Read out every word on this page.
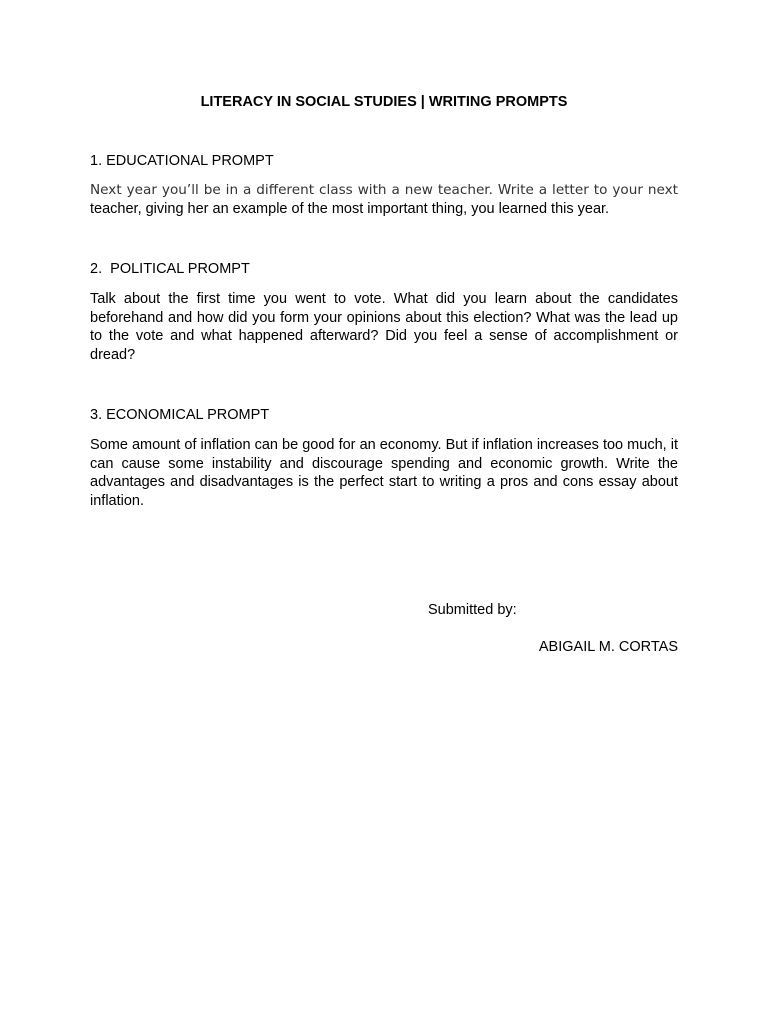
LITERACY IN SOCIAL STUDIES | WRITING PROMPTS
1. EDUCATIONAL PROMPT
Next year you’ll be in a different class with a new teacher. Write a letter to your next teacher, giving her an example of the most important thing, you learned this year.
2.  POLITICAL PROMPT
Talk about the first time you went to vote. What did you learn about the candidates beforehand and how did you form your opinions about this election? What was the lead up to the vote and what happened afterward? Did you feel a sense of accomplishment or dread?
3. ECONOMICAL PROMPT
Some amount of inflation can be good for an economy. But if inflation increases too much, it can cause some instability and discourage spending and economic growth. Write the advantages and disadvantages is the perfect start to writing a pros and cons essay about inflation.
Submitted by:
ABIGAIL M. CORTAS
